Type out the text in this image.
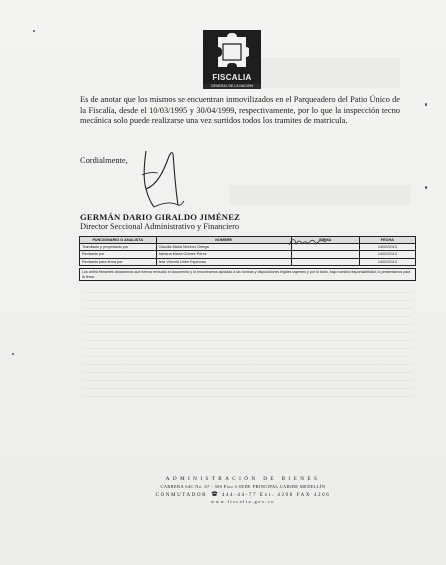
FISCALIA
GENERAL DE LA NACIÓN
Es de anotar que los mismos se encuentran inmovilizados en el Parqueadero del Patio Único de la Fiscalía, desde el 10/03/1995 y 30/04/1999, respectivamente, por lo que la inspección tecno mecánica solo puede realizarse una vez surtidos todos los tramites de matricula.
Cordialmente,
GERMÁN DARIO GIRALDO JIMÉNEZ
Director Seccional Administrativo y Financiero
FUNCIONARIO O ANALISTA	NOMBRE	FIRMA	FECHA
Tramitado y proyectado por	Claudia María Moreno Ortega		14/02/2013
Revisado por	Adriana María Gómez Pérez		14/02/2013
Revisado para firma por	Ana Victoria Uribe Espinosa		14/02/2013
Los arriba firmantes declaramos que hemos revisado el documento y lo encontramos ajustado a las normas y disposiciones legales vigentes y por lo tanto, bajo nuestra responsabilidad, lo presentamos para la firma.
ADMINISTRACIÓN DE BIENES
CARRERA 64C No. 67 - 300 Piso 3 SEDE PRINCIPAL CARIBE MEDELLÍN
CONMUTADOR	444-44-77 Ext. 4208 FAX 4206
www.fiscalia.gov.co
